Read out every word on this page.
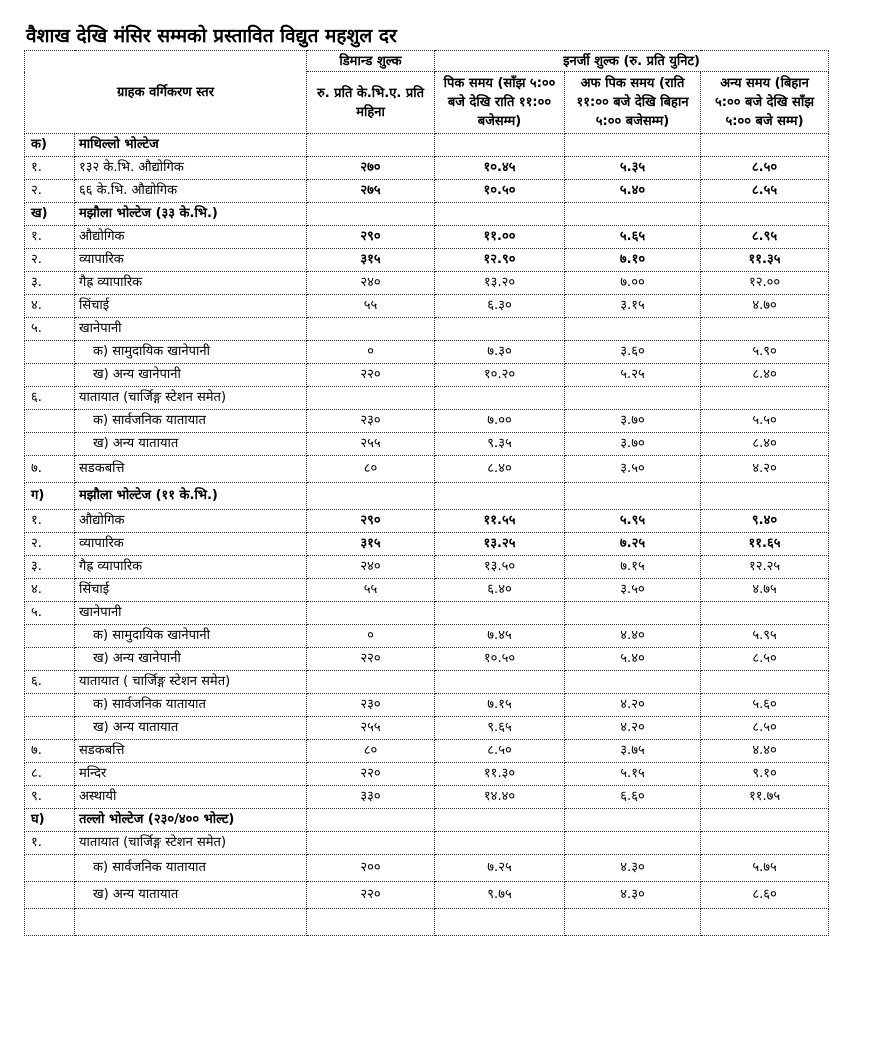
वैशाख देखि मंसिर सम्मको प्रस्तावित विद्युत महशुल दर
ग्राहक वर्गिकरण स्तर		डिमान्ड शुल्क	इनर्जी शुल्क (रु. प्रति युनिट)		
		रु. प्रति के.भि.ए. प्रति महिना	पिक समय (साँझ ५:०० बजे देखि राति ११:०० बजेसम्म)	अफ पिक समय (राति ११:०० बजे देखि बिहान ५:०० बजेसम्म)	अन्य समय (बिहान ५:०० बजे देखि साँझ ५:०० बजे सम्म)
क)	माथिल्लो भोल्टेज				
१.	१३२ के.भि. औद्योगिक	२७०	१०.४५	५.३५	८.५०
२.	६६ के.भि. औद्योगिक	२७५	१०.५०	५.४०	८.५५
ख)	मझौला भोल्टेज (३३ के.भि.)				
१.	औद्योगिक	२९०	११.००	५.६५	८.९५
२.	व्यापारिक	३१५	१२.९०	७.१०	११.३५
३.	गैह्र व्यापारिक	२४०	१३.२०	७.००	१२.००
४.	सिंचाई	५५	६.३०	३.१५	४.७०
५.	खानेपानी				
	क) सामुदायिक खानेपानी	०	७.३०	३.६०	५.९०
	ख) अन्य खानेपानी	२२०	१०.२०	५.२५	८.४०
६.	यातायात (चार्जिङ्ग स्टेशन समेत)				
	क) सार्वजनिक यातायात	२३०	७.००	३.७०	५.५०
	ख) अन्य यातायात	२५५	९.३५	३.७०	८.४०
७.	सडकबत्ति	८०	८.४०	३.५०	४.२०
ग)	मझौला भोल्टेज (११ के.भि.)				
१.	औद्योगिक	२९०	११.५५	५.९५	९.४०
२.	व्यापारिक	३१५	१३.२५	७.२५	११.६५
३.	गैह्र व्यापारिक	२४०	१३.५०	७.१५	१२.२५
४.	सिंचाई	५५	६.४०	३.५०	४.७५
५.	खानेपानी				
	क) सामुदायिक खानेपानी	०	७.४५	४.४०	५.९५
	ख) अन्य खानेपानी	२२०	१०.५०	५.४०	८.५०
६.	यातायात ( चार्जिङ्ग स्टेशन समेत)				
	क) सार्वजनिक यातायात	२३०	७.१५	४.२०	५.६०
	ख) अन्य यातायात	२५५	९.६५	४.२०	८.५०
७.	सडकबत्ति	८०	८.५०	३.७५	४.४०
८.	मन्दिर	२२०	११.३०	५.१५	९.१०
९.	अस्थायी	३३०	१४.४०	६.६०	११.७५
घ)	तल्लो भोल्टेज (२३०/४०० भोल्ट)				
१.	यातायात (चार्जिङ्ग स्टेशन समेत)				
	क) सार्वजनिक यातायात	२००	७.२५	४.३०	५.७५
	ख) अन्य यातायात	२२०	९.७५	४.३०	८.६०
